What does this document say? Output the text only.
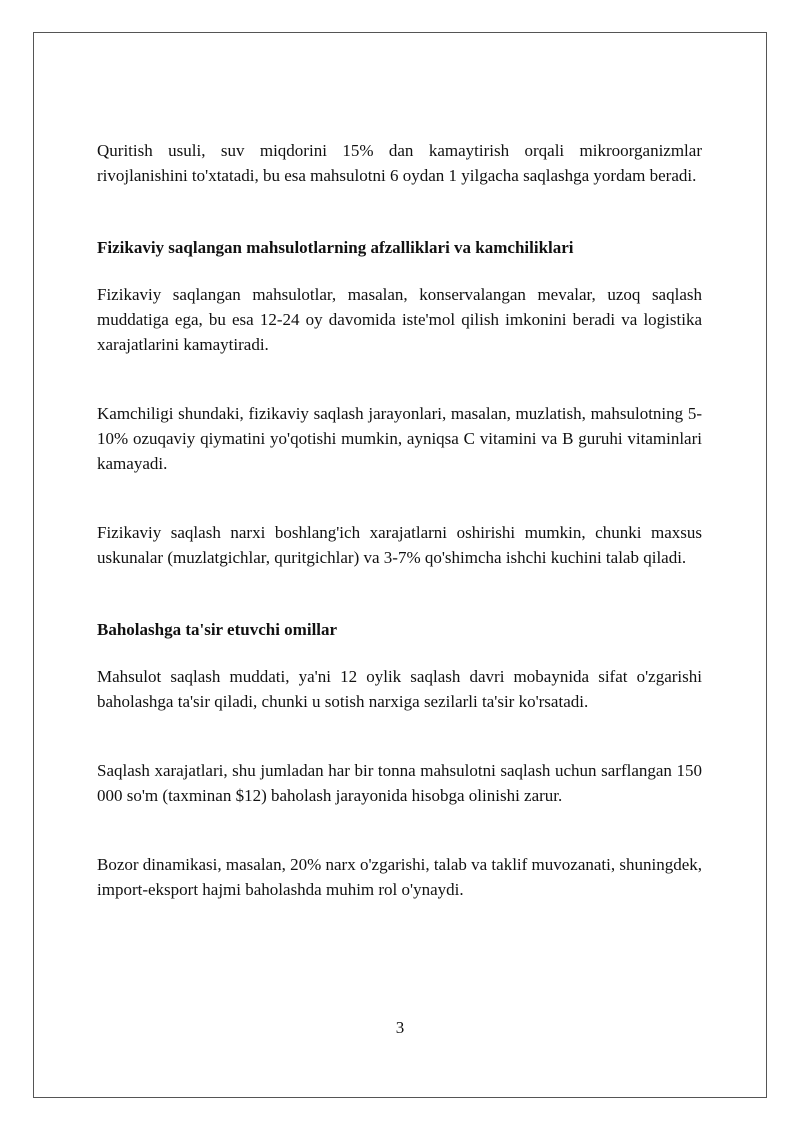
Quritish usuli, suv miqdorini 15% dan kamaytirish orqali mikroorganizmlar rivojlanishini to'xtatadi, bu esa mahsulotni 6 oydan 1 yilgacha saqlashga yordam beradi.

Fizikaviy saqlangan mahsulotlarning afzalliklari va kamchiliklari

Fizikaviy saqlangan mahsulotlar, masalan, konservalangan mevalar, uzoq saqlash muddatiga ega, bu esa 12-24 oy davomida iste'mol qilish imkonini beradi va logistika xarajatlarini kamaytiradi.

Kamchiligi shundaki, fizikaviy saqlash jarayonlari, masalan, muzlatish, mahsulotning 5-10% ozuqaviy qiymatini yo'qotishi mumkin, ayniqsa C vitamini va B guruhi vitaminlari kamayadi.

Fizikaviy saqlash narxi boshlang'ich xarajatlarni oshirishi mumkin, chunki maxsus uskunalar (muzlatgichlar, quritgichlar) va 3-7% qo'shimcha ishchi kuchini talab qiladi.

Baholashga ta'sir etuvchi omillar

Mahsulot saqlash muddati, ya'ni 12 oylik saqlash davri mobaynida sifat o'zgarishi baholashga ta'sir qiladi, chunki u sotish narxiga sezilarli ta'sir ko'rsatadi.

Saqlash xarajatlari, shu jumladan har bir tonna mahsulotni saqlash uchun sarflangan 150 000 so'm (taxminan $12) baholash jarayonida hisobga olinishi zarur.

Bozor dinamikasi, masalan, 20% narx o'zgarishi, talab va taklif muvozanati, shuningdek, import-eksport hajmi baholashda muhim rol o'ynaydi.

3
